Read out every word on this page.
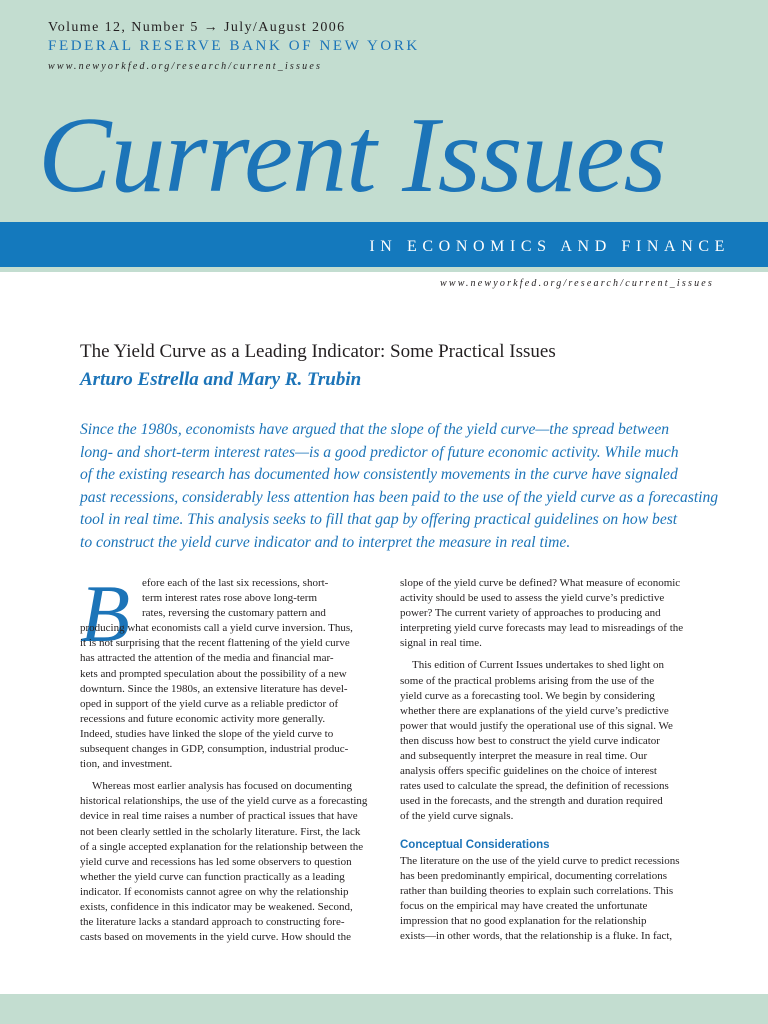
Volume 12, Number 5 → July/August 2006
FEDERAL RESERVE BANK OF NEW YORK
www.newyorkfed.org/research/current_issues
Current Issues
IN ECONOMICS AND FINANCE
www.newyorkfed.org/research/current_issues
The Yield Curve as a Leading Indicator: Some Practical Issues
Arturo Estrella and Mary R. Trubin
Since the 1980s, economists have argued that the slope of the yield curve—the spread between
long- and short-term interest rates—is a good predictor of future economic activity. While much
of the existing research has documented how consistently movements in the curve have signaled
past recessions, considerably less attention has been paid to the use of the yield curve as a forecasting
tool in real time. This analysis seeks to fill that gap by offering practical guidelines on how best
to construct the yield curve indicator and to interpret the measure in real time.
B	efore each of the last six recessions, short-
term interest rates rose above long-term
rates, reversing the customary pattern and
producing what economists call a yield curve inversion. Thus,
it is not surprising that the recent flattening of the yield curve
has attracted the attention of the media and financial mar-
kets and prompted speculation about the possibility of a new
downturn. Since the 1980s, an extensive literature has devel-
oped in support of the yield curve as a reliable predictor of
recessions and future economic activity more generally.
Indeed, studies have linked the slope of the yield curve to
subsequent changes in GDP, consumption, industrial produc-
tion, and investment.
Whereas most earlier analysis has focused on documenting
historical relationships, the use of the yield curve as a forecasting
device in real time raises a number of practical issues that have
not been clearly settled in the scholarly literature. First, the lack
of a single accepted explanation for the relationship between the
yield curve and recessions has led some observers to question
whether the yield curve can function practically as a leading
indicator. If economists cannot agree on why the relationship
exists, confidence in this indicator may be weakened. Second,
the literature lacks a standard approach to constructing fore-
casts based on movements in the yield curve. How should the
slope of the yield curve be defined? What measure of economic
activity should be used to assess the yield curve’s predictive
power? The current variety of approaches to producing and
interpreting yield curve forecasts may lead to misreadings of the
signal in real time.
This edition of Current Issues undertakes to shed light on
some of the practical problems arising from the use of the
yield curve as a forecasting tool. We begin by considering
whether there are explanations of the yield curve’s predictive
power that would justify the operational use of this signal. We
then discuss how best to construct the yield curve indicator
and subsequently interpret the measure in real time. Our
analysis offers specific guidelines on the choice of interest
rates used to calculate the spread, the definition of recessions
used in the forecasts, and the strength and duration required
of the yield curve signals.
Conceptual Considerations
The literature on the use of the yield curve to predict recessions
has been predominantly empirical, documenting correlations
rather than building theories to explain such correlations. This
focus on the empirical may have created the unfortunate
impression that no good explanation for the relationship
exists—in other words, that the relationship is a fluke. In fact,
